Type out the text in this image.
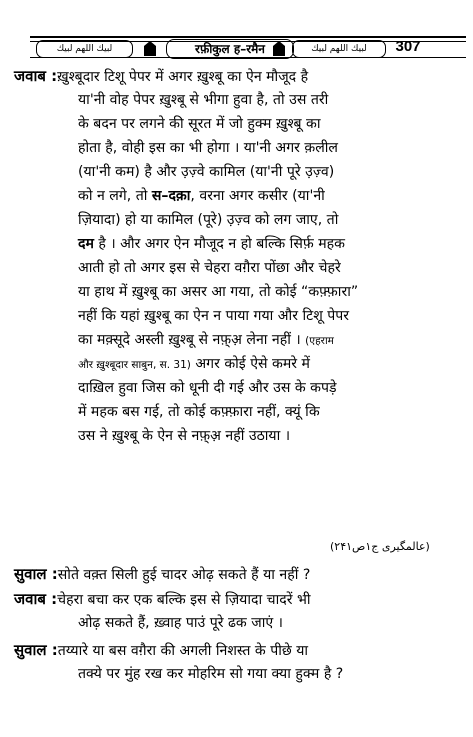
لبيك اللهم لبيك	रफ़ीकुल ह–रमैन	لبيك اللهم لبيك	307
जवाब :ख़ुश्बूदार टिशू पेपर में अगर ख़ुश्बू का ऐन मौजूद है
या'नी वोह पेपर ख़ुश्बू से भीगा हुवा है, तो उस तरी
के बदन पर लगने की सूरत में जो हुक्म ख़ुश्बू का
होता है, वोही इस का भी होगा । या'नी अगर क़लील
(या'नी कम) है और उ़ज़्वे कामिल (या'नी पूरे उ़ज़्व)
को न लगे, तो स–दक़ा, वरना अगर कसीर (या'नी
ज़ियादा) हो या कामिल (पूरे) उ़ज़्व को लग जाए, तो
दम है । और अगर ऐन मौजूद न हो बल्कि सिर्फ़ महक
आती हो तो अगर इस से चेहरा वग़ैरा पोंछा और चेहरे
या हाथ में ख़ुश्बू का असर आ गया, तो कोई “कफ़्फ़ारा”
नहीं कि यहां ख़ुश्बू का ऐन न पाया गया और टिशू पेपर
का मक़्सूदे अस्ली ख़ुश्बू से नफ़्अ़ लेना नहीं । (एहराम
और ख़ुश्बूदार साबुन, स. 31) अगर कोई ऐसे कमरे में
दाख़िल हुवा जिस को धूनी दी गई और उस के कपड़े
में महक बस गई, तो कोई कफ़्फ़ारा नहीं, क्यूं कि
उस ने ख़ुश्बू के ऐन से नफ़्अ़ नहीं उठाया ।
(عالمگیری ج۱ص۲۴۱)
सुवाल :सोते वक़्त सिली हुई चादर ओढ़ सकते हैं या नहीं ?
जवाब :चेहरा बचा कर एक बल्कि इस से ज़ियादा चादरें भी
ओढ़ सकते हैं, ख़्वाह पाउं पूरे ढक जाएं ।
सुवाल :तय्यारे या बस वग़ैरा की अगली निशस्त के पीछे या
तक्ये पर मुंह रख कर मोहरिम सो गया क्या हुक्म है ?
